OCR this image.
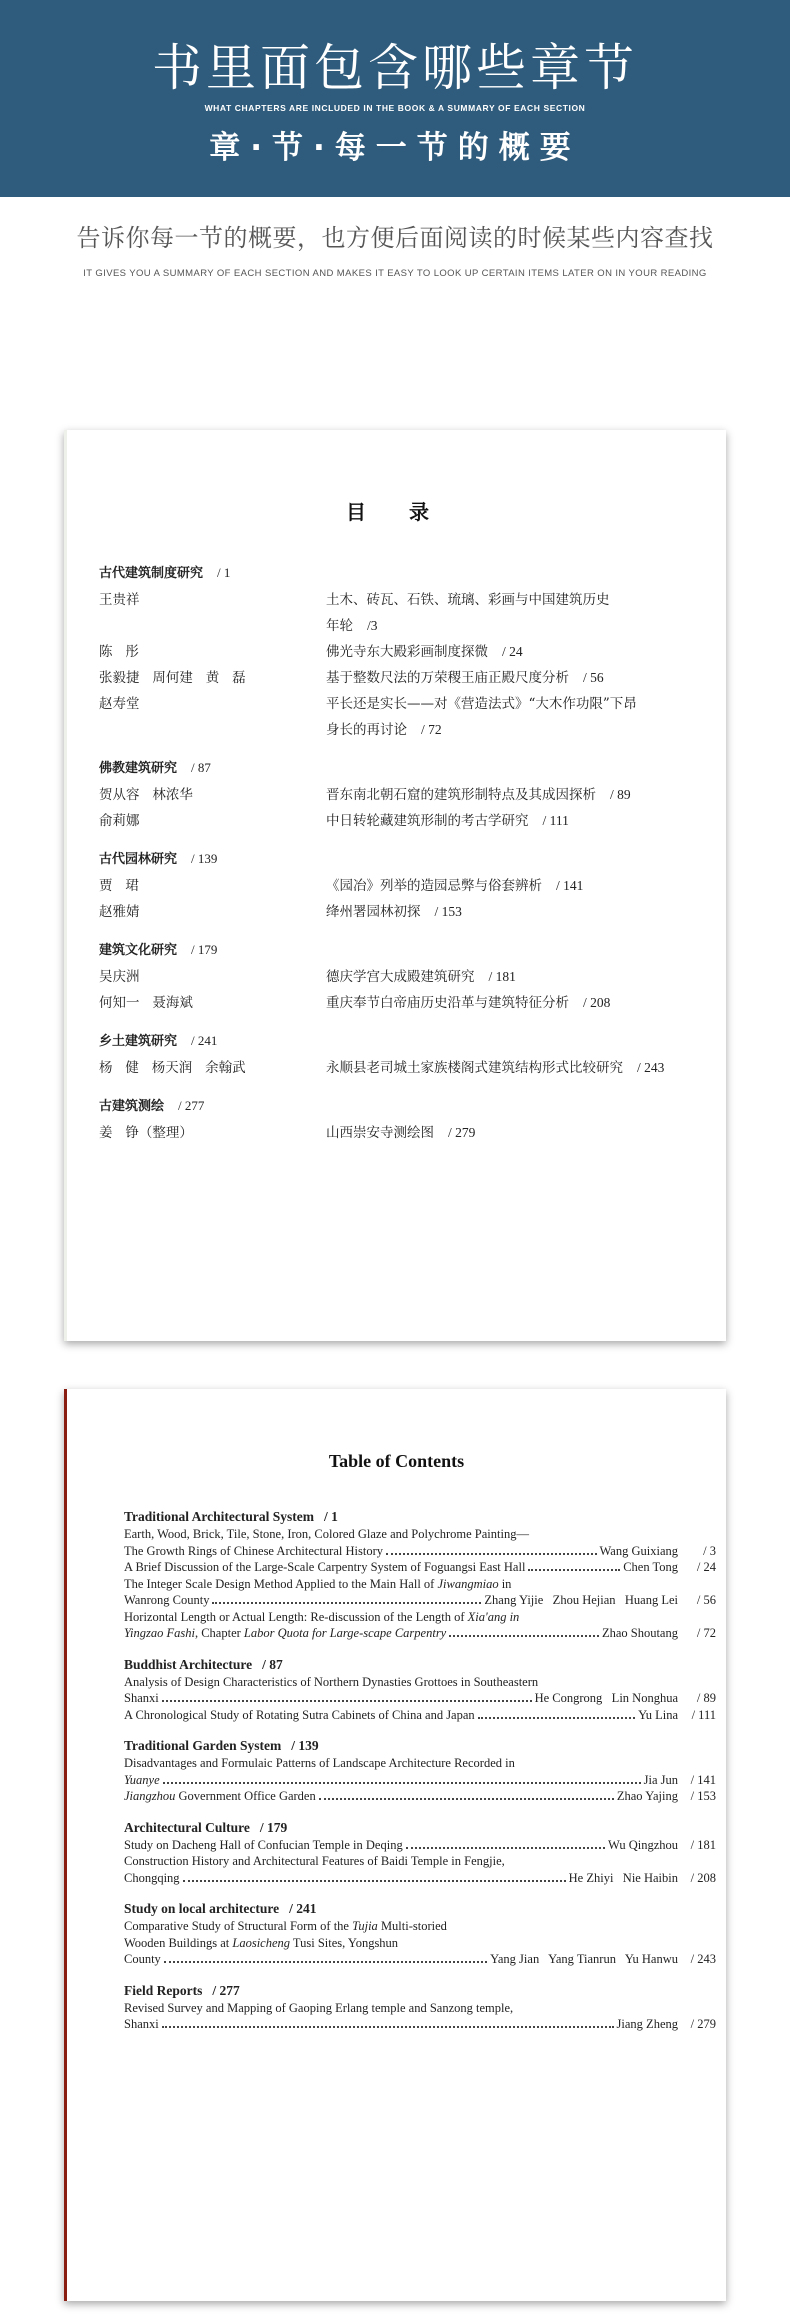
书里面包含哪些章节
WHAT CHAPTERS ARE INCLUDED IN THE BOOK & A SUMMARY OF EACH SECTION
章·节·每一节的概要
告诉你每一节的概要，也方便后面阅读的时候某些内容查找
IT GIVES YOU A SUMMARY OF EACH SECTION AND MAKES IT EASY TO LOOK UP CERTAIN ITEMS LATER ON IN YOUR READING
目 录
古代建筑制度研究 / 1
王贵祥	土木、砖瓦、石铁、琉璃、彩画与中国建筑历史
年轮 /3
陈   彤	佛光寺东大殿彩画制度探微 / 24
张毅捷   周何建   黄   磊	基于整数尺法的万荣稷王庙正殿尺度分析 / 56
赵寿堂	平长还是实长——对《营造法式》“大木作功限”下昂
身长的再讨论 / 72
佛教建筑研究 / 87
贺从容   林浓华	晋东南北朝石窟的建筑形制特点及其成因探析 / 89
俞莉娜	中日转轮藏建筑形制的考古学研究 / 111
古代园林研究 / 139
贾   珺	《园冶》列举的造园忌弊与俗套辨析 / 141
赵雅婧	绛州署园林初探 / 153
建筑文化研究 / 179
吴庆洲	德庆学宫大成殿建筑研究 / 181
何知一   聂海斌	重庆奉节白帝庙历史沿革与建筑特征分析 / 208
乡土建筑研究 / 241
杨   健   杨天润   余翰武	永顺县老司城土家族楼阁式建筑结构形式比较研究 / 243
古建筑测绘 / 277
姜   铮（整理）	山西崇安寺测绘图 / 279
Table of Contents
Traditional Architectural System / 1
Earth, Wood, Brick, Tile, Stone, Iron, Colored Glaze and Polychrome Painting—
The Growth Rings of Chinese Architectural History	Wang Guixiang	/ 3
A Brief Discussion of the Large-Scale Carpentry System of Foguangsi East Hall	Chen Tong	/ 24
The Integer Scale Design Method Applied to the Main Hall of Jiwangmiao in
Wanrong County	Zhang Yijie   Zhou Hejian   Huang Lei	/ 56
Horizontal Length or Actual Length: Re-discussion of the Length of Xia'ang in
Yingzao Fashi, Chapter Labor Quota for Large-scape Carpentry	Zhao Shoutang	/ 72
Buddhist Architecture / 87
Analysis of Design Characteristics of Northern Dynasties Grottoes in Southeastern
Shanxi	He Congrong   Lin Nonghua	/ 89
A Chronological Study of Rotating Sutra Cabinets of China and Japan	Yu Lina	/ 111
Traditional Garden System / 139
Disadvantages and Formulaic Patterns of Landscape Architecture Recorded in
Yuanye	Jia Jun	/ 141
Jiangzhou Government Office Garden	Zhao Yajing	/ 153
Architectural Culture / 179
Study on Dacheng Hall of Confucian Temple in Deqing	Wu Qingzhou	/ 181
Construction History and Architectural Features of Baidi Temple in Fengjie,
Chongqing	He Zhiyi   Nie Haibin	/ 208
Study on local architecture / 241
Comparative Study of Structural Form of the Tujia Multi-storied
Wooden Buildings at Laosicheng Tusi Sites, Yongshun
County	Yang Jian   Yang Tianrun   Yu Hanwu	/ 243
Field Reports / 277
Revised Survey and Mapping of Gaoping Erlang temple and Sanzong temple,
Shanxi	Jiang Zheng	/ 279
